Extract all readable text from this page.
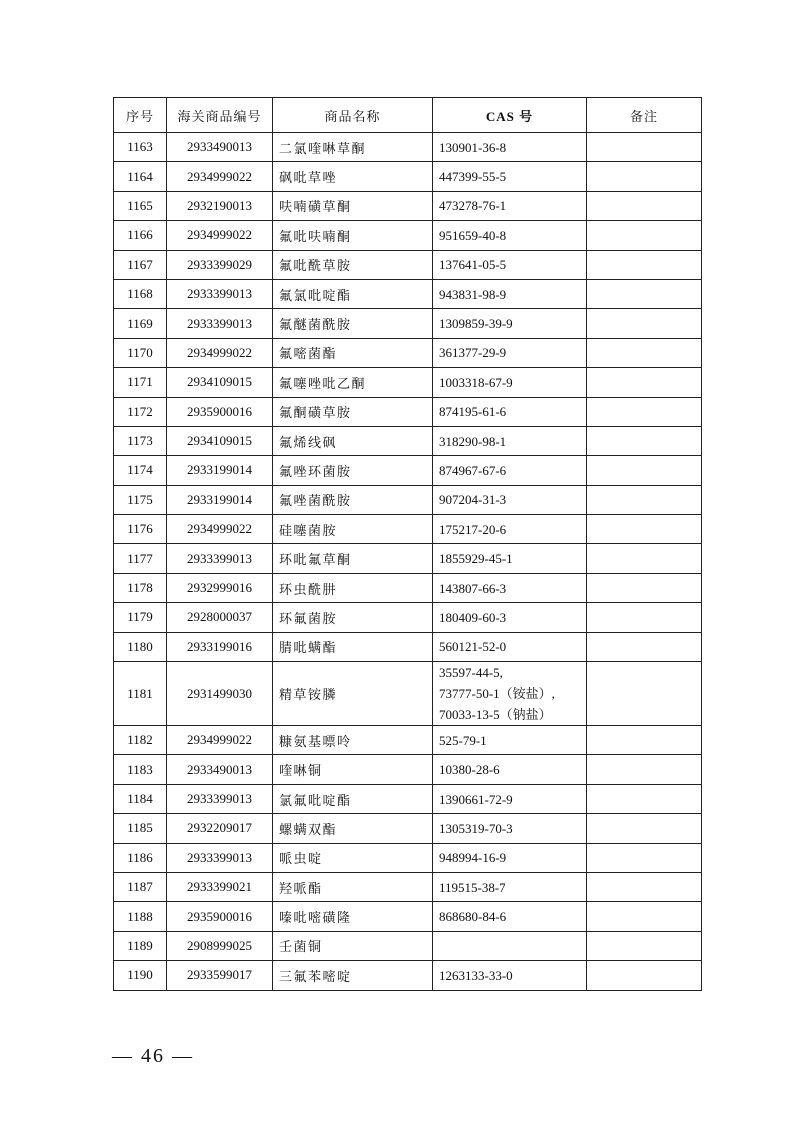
序号	海关商品编号	商品名称	CAS 号	备注
1163	2933490013	二氯喹啉草酮	130901-36-8	

1164	2934999022	砜吡草唑	447399-55-5	

1165	2932190013	呋喃磺草酮	473278-76-1	

1166	2934999022	氟吡呋喃酮	951659-40-8	

1167	2933399029	氟吡酰草胺	137641-05-5	

1168	2933399013	氟氯吡啶酯	943831-98-9	

1169	2933399013	氟醚菌酰胺	1309859-39-9	

1170	2934999022	氟嘧菌酯	361377-29-9	

1171	2934109015	氟噻唑吡乙酮	1003318-67-9	

1172	2935900016	氟酮磺草胺	874195-61-6	

1173	2934109015	氟烯线砜	318290-98-1	

1174	2933199014	氟唑环菌胺	874967-67-6	

1175	2933199014	氟唑菌酰胺	907204-31-3	

1176	2934999022	硅噻菌胺	175217-20-6	

1177	2933399013	环吡氟草酮	1855929-45-1	

1178	2932999016	环虫酰肼	143807-66-3	

1179	2928000037	环氟菌胺	180409-60-3	

1180	2933199016	腈吡螨酯	560121-52-0	

1181	2931499030	精草铵膦	35597-44-5,
73777-50-1（铵盐）,
70033-13-5（钠盐）	

1182	2934999022	糠氨基嘌呤	525-79-1	

1183	2933490013	喹啉铜	10380-28-6	

1184	2933399013	氯氟吡啶酯	1390661-72-9	

1185	2932209017	螺螨双酯	1305319-70-3	

1186	2933399013	哌虫啶	948994-16-9	

1187	2933399021	羟哌酯	119515-38-7	

1188	2935900016	嗪吡嘧磺隆	868680-84-6	

1189	2908999025	壬菌铜	

1190	2933599017	三氟苯嘧啶	1263133-33-0	

— 46 —
